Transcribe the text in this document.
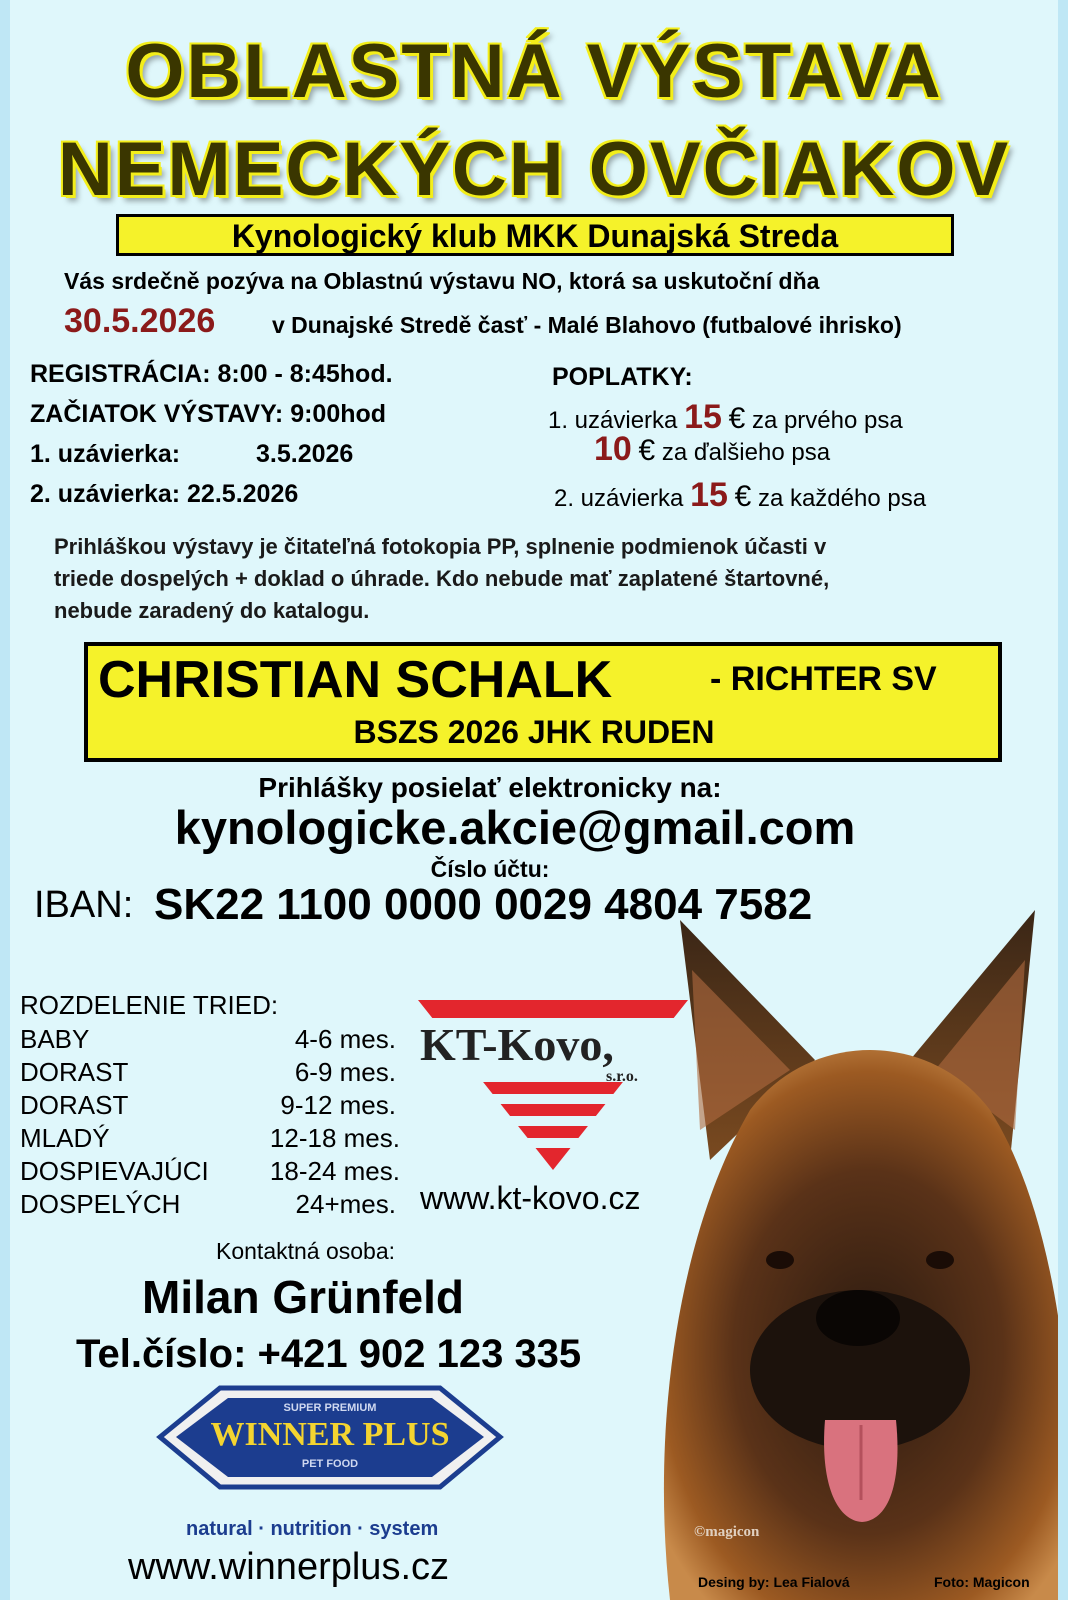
OBLASTNÁ VÝSTAVA
NEMECKÝCH OVČIAKOV
Kynologický klub MKK Dunajská Streda
Vás srdečně pozýva na Oblastnú výstavu NO, ktorá sa uskutoční dňa
30.5.2026 v Dunajské Stredě časť - Malé Blahovo (futbalové ihrisko)
REGISTRÁCIA: 8:00 - 8:45hod.
ZAČIATOK VÝSTAVY: 9:00hod
1. uzávierka:	3.5.2026
2. uzávierka: 22.5.2026
POPLATKY:
1. uzávierka 15 € za prvého psa
10 € za ďalšieho psa
2. uzávierka 15 € za každého psa
Prihláškou výstavy je čitateľná fotokopia PP, splnenie podmienok účasti v
triede dospelých + doklad o úhrade. Kdo nebude mať zaplatené štartovné,
nebude zaradený do katalogu.
CHRISTIAN SCHALK	- RICHTER SV
BSZS 2026 JHK RUDEN
Prihlášky posielať elektronicky na:
kynologicke.akcie@gmail.com
Číslo účtu:
IBAN: SK22 1100 0000 0029 4804 7582
ROZDELENIE TRIED:
BABY	4-6 mes.
DORAST	6-9 mes.
DORAST	9-12 mes.
MLADÝ	12-18 mes.
DOSPIEVAJÚCI	18-24 mes.
DOSPELÝCH	24+mes.
KT-Kovo,
s.r.o.
www.kt-kovo.cz
Kontaktná osoba:
Milan Grünfeld
Tel.číslo: +421 902 123 335
SUPER PREMIUM
WINNER PLUS
PET FOOD
natural · nutrition · system
www.winnerplus.cz
©magicon
Desing by: Lea Fialová	Foto: Magicon
